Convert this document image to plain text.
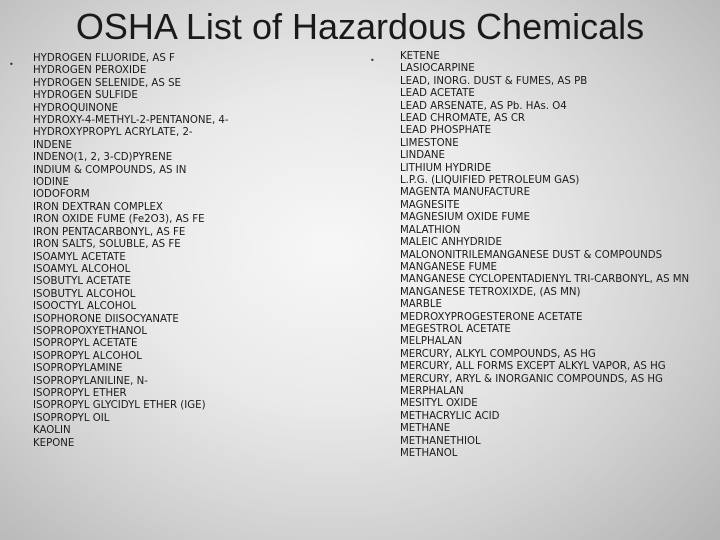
OSHA List of Hazardous Chemicals
•
HYDROGEN FLUORIDE, AS F
HYDROGEN PEROXIDE
HYDROGEN SELENIDE, AS SE
HYDROGEN SULFIDE
HYDROQUINONE
HYDROXY-4-METHYL-2-PENTANONE, 4-
HYDROXYPROPYL ACRYLATE, 2-
INDENE
INDENO(1, 2, 3-CD)PYRENE
INDIUM & COMPOUNDS, AS IN
IODINE
IODOFORM
IRON DEXTRAN COMPLEX
IRON OXIDE FUME (Fe2O3), AS FE
IRON PENTACARBONYL, AS FE
IRON SALTS, SOLUBLE, AS FE
ISOAMYL ACETATE
ISOAMYL ALCOHOL
ISOBUTYL ACETATE
ISOBUTYL ALCOHOL
ISOOCTYL ALCOHOL
ISOPHORONE DIISOCYANATE
ISOPROPOXYETHANOL
ISOPROPYL ACETATE
ISOPROPYL ALCOHOL
ISOPROPYLAMINE
ISOPROPYLANILINE, N-
ISOPROPYL ETHER
ISOPROPYL GLYCIDYL ETHER (IGE)
ISOPROPYL OIL
KAOLIN
KEPONE
• KETENE
LASIOCARPINE
LEAD, INORG. DUST & FUMES, AS PB
LEAD ACETATE
LEAD ARSENATE, AS Pb. HAs. O4
LEAD CHROMATE, AS CR
LEAD PHOSPHATE
LIMESTONE
LINDANE
LITHIUM HYDRIDE
L.P.G. (LIQUIFIED PETROLEUM GAS)
MAGENTA MANUFACTURE
MAGNESITE
MAGNESIUM OXIDE FUME
MALATHION
MALEIC ANHYDRIDE
MALONONITRILEMANGANESE DUST & COMPOUNDS
MANGANESE FUME
MANGANESE CYCLOPENTADIENYL TRI-CARBONYL, AS MN
MANGANESE TETROXIXDE, (AS MN)
MARBLE
MEDROXYPROGESTERONE ACETATE
MEGESTROL ACETATE
MELPHALAN
MERCURY, ALKYL COMPOUNDS, AS HG
MERCURY, ALL FORMS EXCEPT ALKYL VAPOR, AS HG
MERCURY, ARYL & INORGANIC COMPOUNDS, AS HG
MERPHALAN
MESITYL OXIDE
METHACRYLIC ACID
METHANE
METHANETHIOL
METHANOL
